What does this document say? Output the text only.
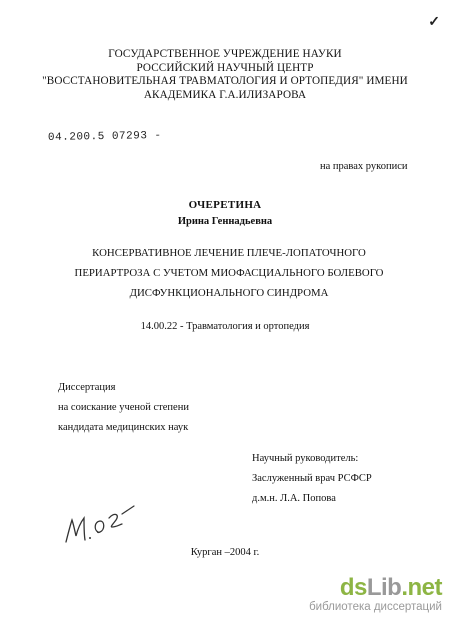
✓
ГОСУДАРСТВЕННОЕ УЧРЕЖДЕНИЕ НАУКИ
РОССИЙСКИЙ НАУЧНЫЙ ЦЕНТР
"ВОССТАНОВИТЕЛЬНАЯ ТРАВМАТОЛОГИЯ И ОРТОПЕДИЯ" ИМЕНИ
АКАДЕМИКА Г.А.ИЛИЗАРОВА
04.200.5 07293 -
на правах рукописи
ОЧЕРЕТИНА
Ирина Геннадьевна
КОНСЕРВАТИВНОЕ ЛЕЧЕНИЕ ПЛЕЧЕ-ЛОПАТОЧНОГО
ПЕРИАРТРОЗА С УЧЕТОМ МИОФАСЦИАЛЬНОГО БОЛЕВОГО
ДИСФУНКЦИОНАЛЬНОГО СИНДРОМА
14.00.22 - Травматология и ортопедия
Диссертация
на соискание ученой степени
кандидата медицинских наук
Научный руководитель:
Заслуженный врач РСФСР
д.м.н. Л.А. Попова
Курган –2004 г.
dsLib.net
библиотека диссертаций
